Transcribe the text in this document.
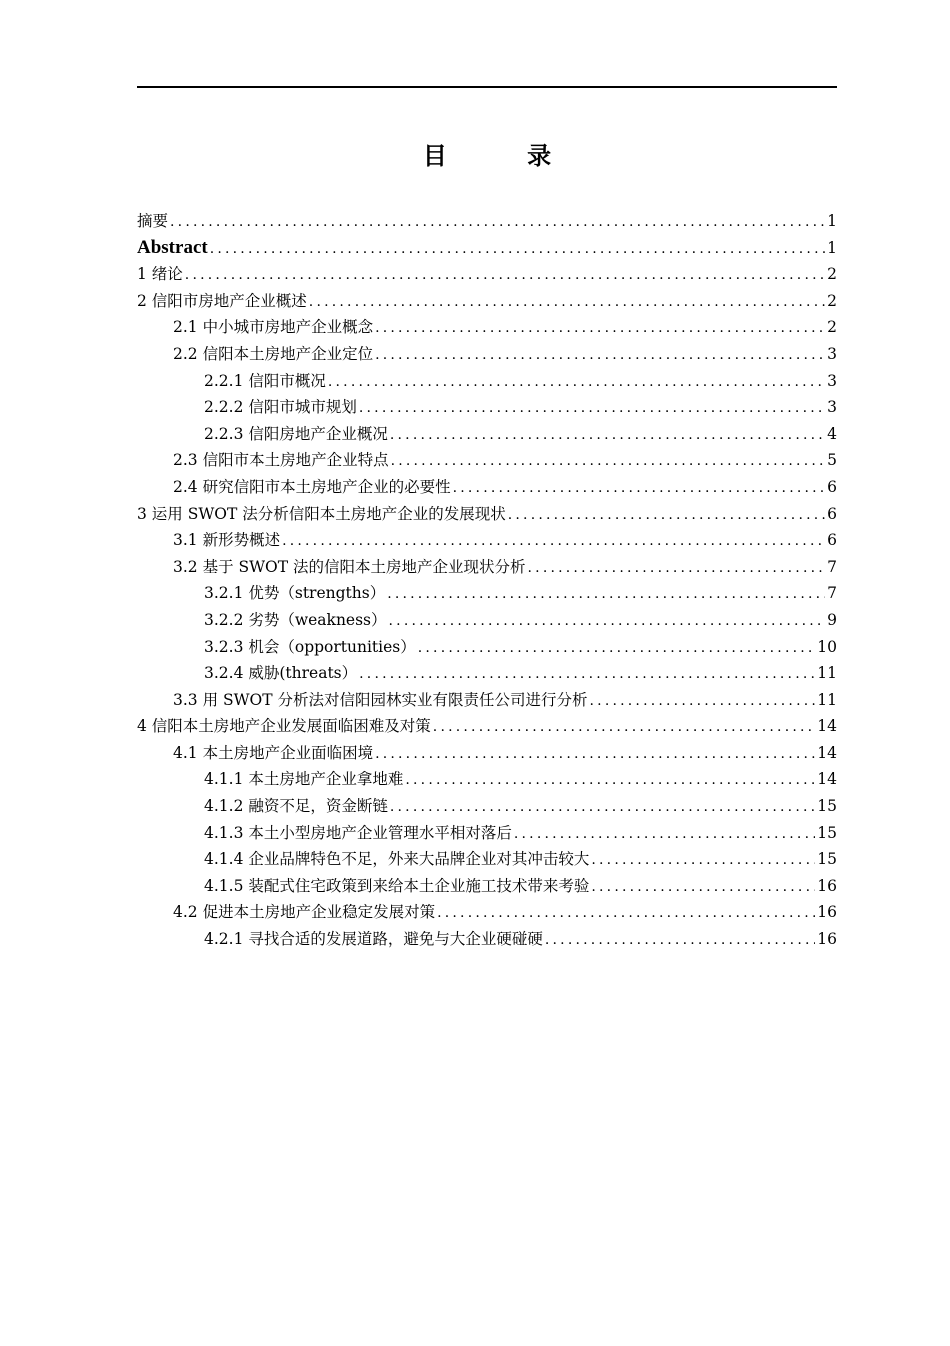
目 录
摘要 .....	1
Abstract .....	1
1 绪论 .....	2
2 信阳市房地产企业概述 .....	2
2.1 中小城市房地产企业概念 .....	2
2.2 信阳本土房地产企业定位 .....	3
2.2.1 信阳市概况 .....	3
2.2.2 信阳市城市规划 .....	3
2.2.3 信阳房地产企业概况 .....	4
2.3 信阳市本土房地产企业特点 .....	5
2.4 研究信阳市本土房地产企业的必要性 .....	6
3 运用 SWOT 法分析信阳本土房地产企业的发展现状 .....	6
3.1 新形势概述 .....	6
3.2 基于 SWOT 法的信阳本土房地产企业现状分析 .....	7
3.2.1 优势（strengths） .....	7
3.2.2 劣势（weakness） .....	9
3.2.3 机会（opportunities） .....	10
3.2.4 威胁(threats） .....	11
3.3 用 SWOT 分析法对信阳园林实业有限责任公司进行分析 .....	11
4 信阳本土房地产企业发展面临困难及对策 .....	14
4.1 本土房地产企业面临困境 .....	14
4.1.1 本土房地产企业拿地难 .....	14
4.1.2 融资不足，资金断链 .....	15
4.1.3 本土小型房地产企业管理水平相对落后 .....	15
4.1.4 企业品牌特色不足，外来大品牌企业对其冲击较大 .....	15
4.1.5 装配式住宅政策到来给本土企业施工技术带来考验 .....	16
4.2 促进本土房地产企业稳定发展对策 .....	16
4.2.1 寻找合适的发展道路，避免与大企业硬碰硬 .....	16
